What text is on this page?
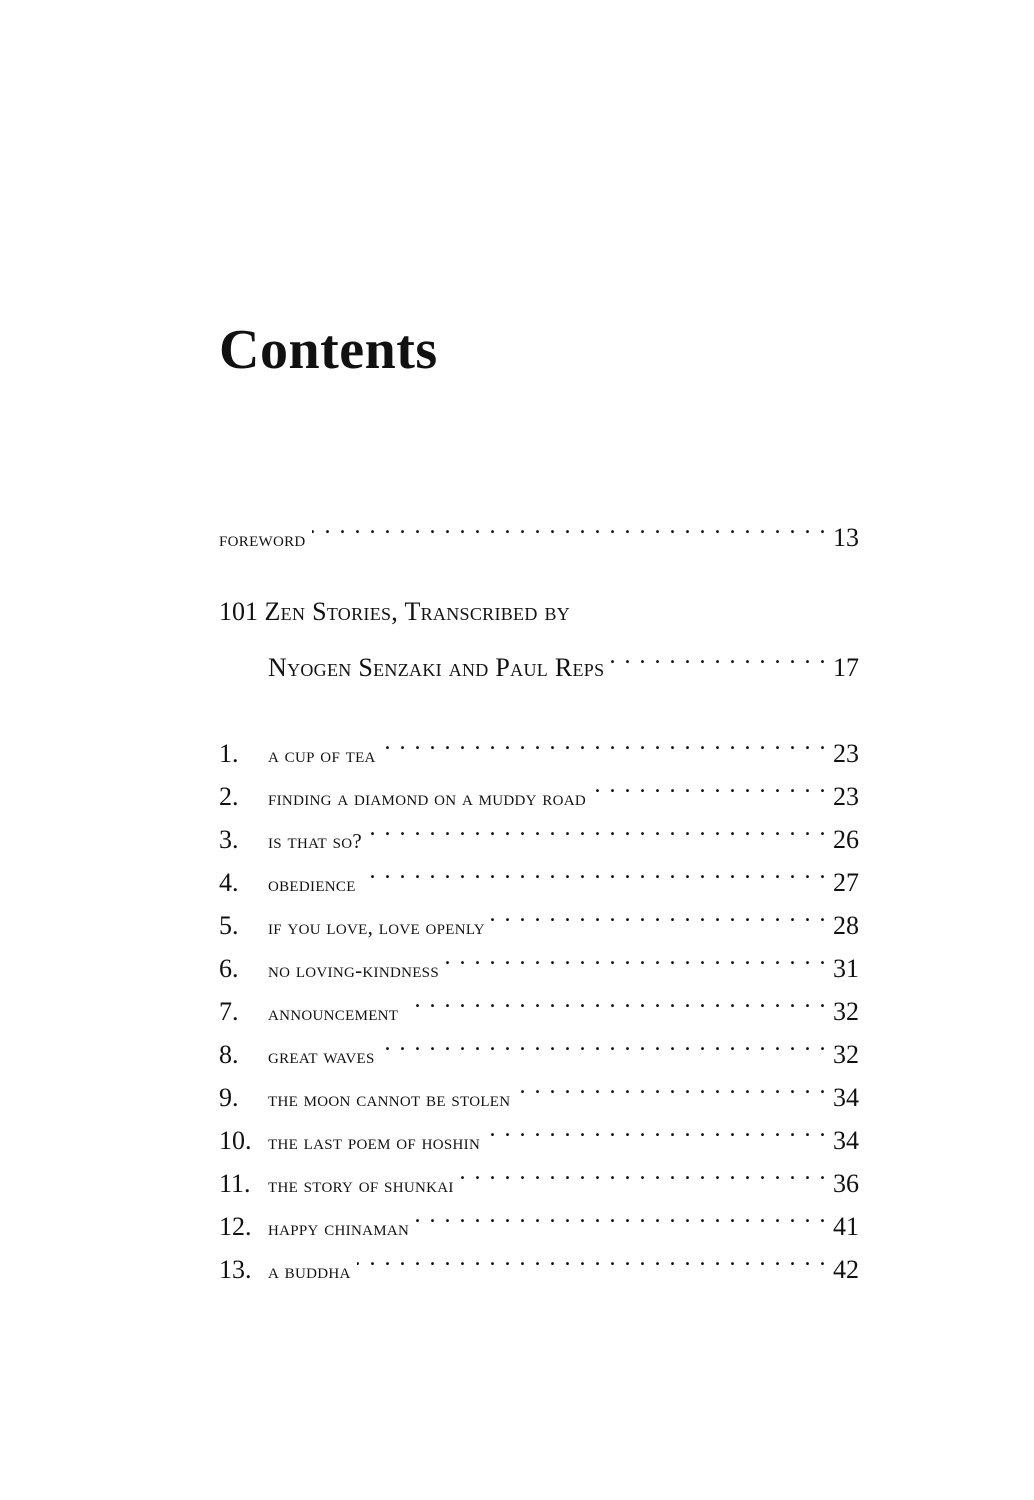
Contents
foreword . . .	13
101 Zen Stories, Transcribed by
Nyogen Senzaki and Paul Reps . . .	17
1.	a cup of tea . . .	23
2.	finding a diamond on a muddy road . . .	23
3.	is that so? . . .	26
4.	obedience . . .	27
5.	if you love, love openly . . .	28
6.	no loving-kindness . . .	31
7.	announcement . . .	32
8.	great waves . . .	32
9.	the moon cannot be stolen . . .	34
10. the last poem of hoshin . . .	34
11. the story of shunkai . . .	36
12. happy chinaman . . .	41
13. a buddha . . .	42
